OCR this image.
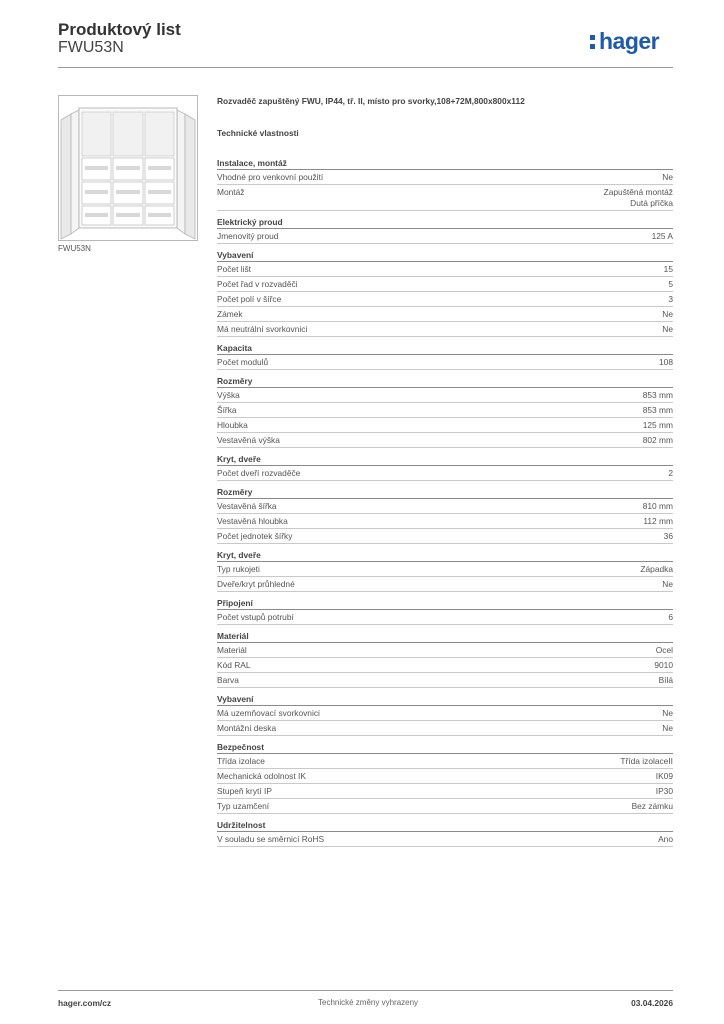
Produktový list
FWU53N	hager
FWU53N
Rozvaděč zapuštěný FWU, IP44, tř. II, místo pro svorky,108+72M,800x800x112
Technické vlastnosti
Instalace, montáž
Vhodné pro venkovní použití	Ne
Montáž	Zapuštěná montáž
Dutá příčka
Elektrický proud
Jmenovitý proud	125 A
Vybavení
Počet lišt	15
Počet řad v rozvaděči	5
Počet polí v šířce	3
Zámek	Ne
Má neutrální svorkovnici	Ne
Kapacita
Počet modulů	108
Rozměry
Výška	853 mm
Šířka	853 mm
Hloubka	125 mm
Vestavěná výška	802 mm
Kryt, dveře
Počet dveří rozvaděče	2
Rozměry
Vestavěná šířka	810 mm
Vestavěná hloubka	112 mm
Počet jednotek šířky	36
Kryt, dveře
Typ rukojeti	Západka
Dveře/kryt průhledné	Ne
Připojení
Počet vstupů potrubí	6
Materiál
Materiál	Ocel
Kód RAL	9010
Barva	Bílá
Vybavení
Má uzemňovací svorkovnici	Ne
Montážní deska	Ne
Bezpečnost
Třída izolace	Třída izolaceII
Mechanická odolnost IK	IK09
Stupeň krytí IP	IP30
Typ uzamčení	Bez zámku
Udržitelnost
V souladu se směrnicí RoHS	Ano
hager.com/cz	Technické změny vyhrazeny	03.04.2026
